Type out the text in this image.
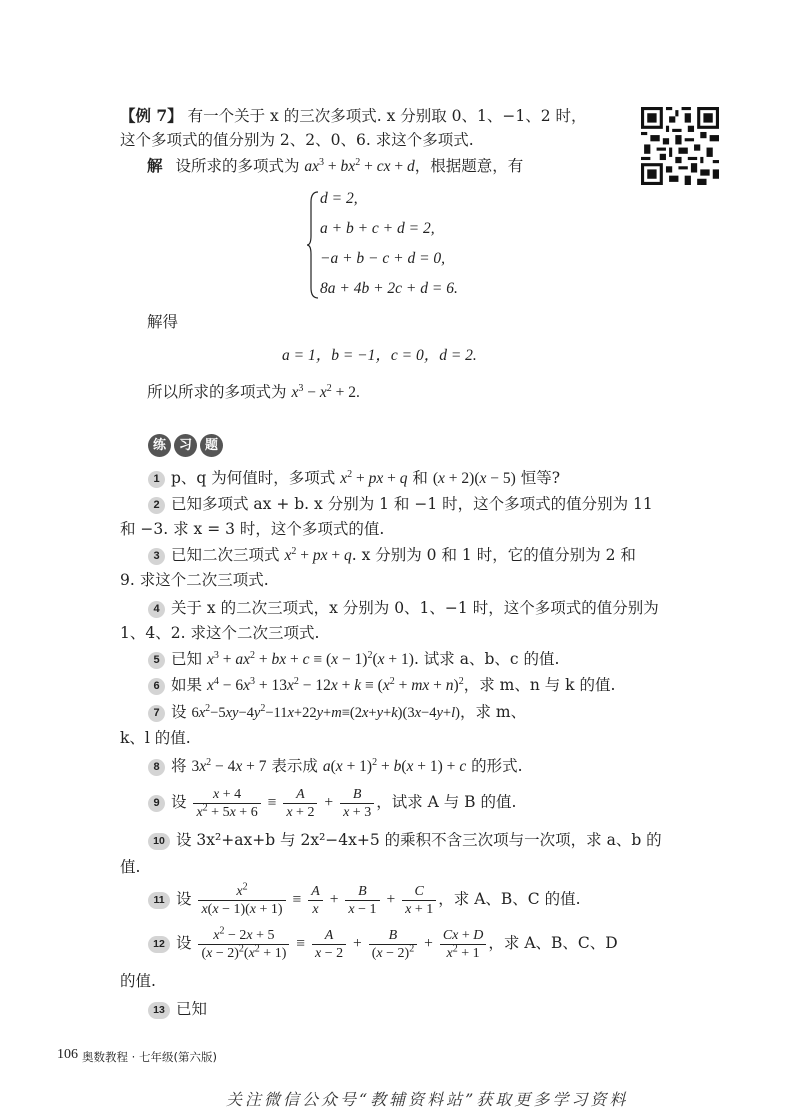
【例 7】 有一个关于 x 的三次多项式. x 分别取 0、1、−1、2 时，
这个多项式的值分别为 2、2、0、6. 求这个多项式.
解 设所求的多项式为 $ax^3 + bx^2$ + cx + d，根据题意，有
d = 2,
a + b + c + d = 2,
−a + b − c + d = 0,
8a + 4b + 2c + d = 6.
解得
a = 1，b = −1，c = 0，d = 2.
所以所求的多项式为 $x^3 - x^2 + 2$.
练 习 题
1 p、q 为何值时，多项式 $x^2$ + px + q 和 (x + 2)(x − 5) 恒等?
2 已知多项式 ax + b. x 分别为 1 和 −1 时，这个多项式的值分别为 11
和 −3. 求 x = 3 时，这个多项式的值.
3 已知二次三项式 $x^2$ + px + q. x 分别为 0 和 1 时，它的值分别为 2 和
9. 求这个二次三项式.
4 关于 x 的二次三项式，x 分别为 0、1、−1 时，这个多项式的值分别为
1、4、2. 求这个二次三项式.
5 已知 $x^3 + ax^2$ + bx + $c \equiv (x - 1)^2(x + 1)$. 试求 a、b、c 的值.
6 如果 $x^4 - 6x^3 + 13x^2 - 12x + k \equiv (x^2$ + mx + n)$^2$，求 m、n 与 k 的值.
7 设 $6x^2-5xy-4y^2-11x+22y+m\equiv(2x+y+k)(3x-4y+l)$，求 m、
k、l 的值.
8 将 $3x^2 - 4x + 7$ 表示成 $a(x + 1)^2 + b(x + 1) + c$ 的形式.
9 设 $\frac{x + 4}{x^2 + 5x + 6} \equiv \frac{A}{x + 2} + \frac{B}{x + 3}$ ，试求 A 与 B 的值.
10 设 3x²+ax+b 与 2x²−4x+5 的乘积不含三次项与一次项，求 a、b 的
值.
11 设 $\frac{x^2}{x(x - 1)(x + 1)} \equiv \frac{A}{x} + \frac{B}{x - 1} + \frac{C}{x + 1}$ ，求 A、B、C 的值.
12 设 $\frac{x^2 - 2x + 5}{(x - 2)^2(x^2 + 1)} \equiv \frac{A}{x - 2} + \frac{B}{(x - 2)^2} + \frac{Cx + D}{x^2 + 1}$ ，求 A、B、C、D
的值.
13 已知
106 奥数教程 · 七年级(第六版)
关注微信公众号“教辅资料站”获取更多学习资料
